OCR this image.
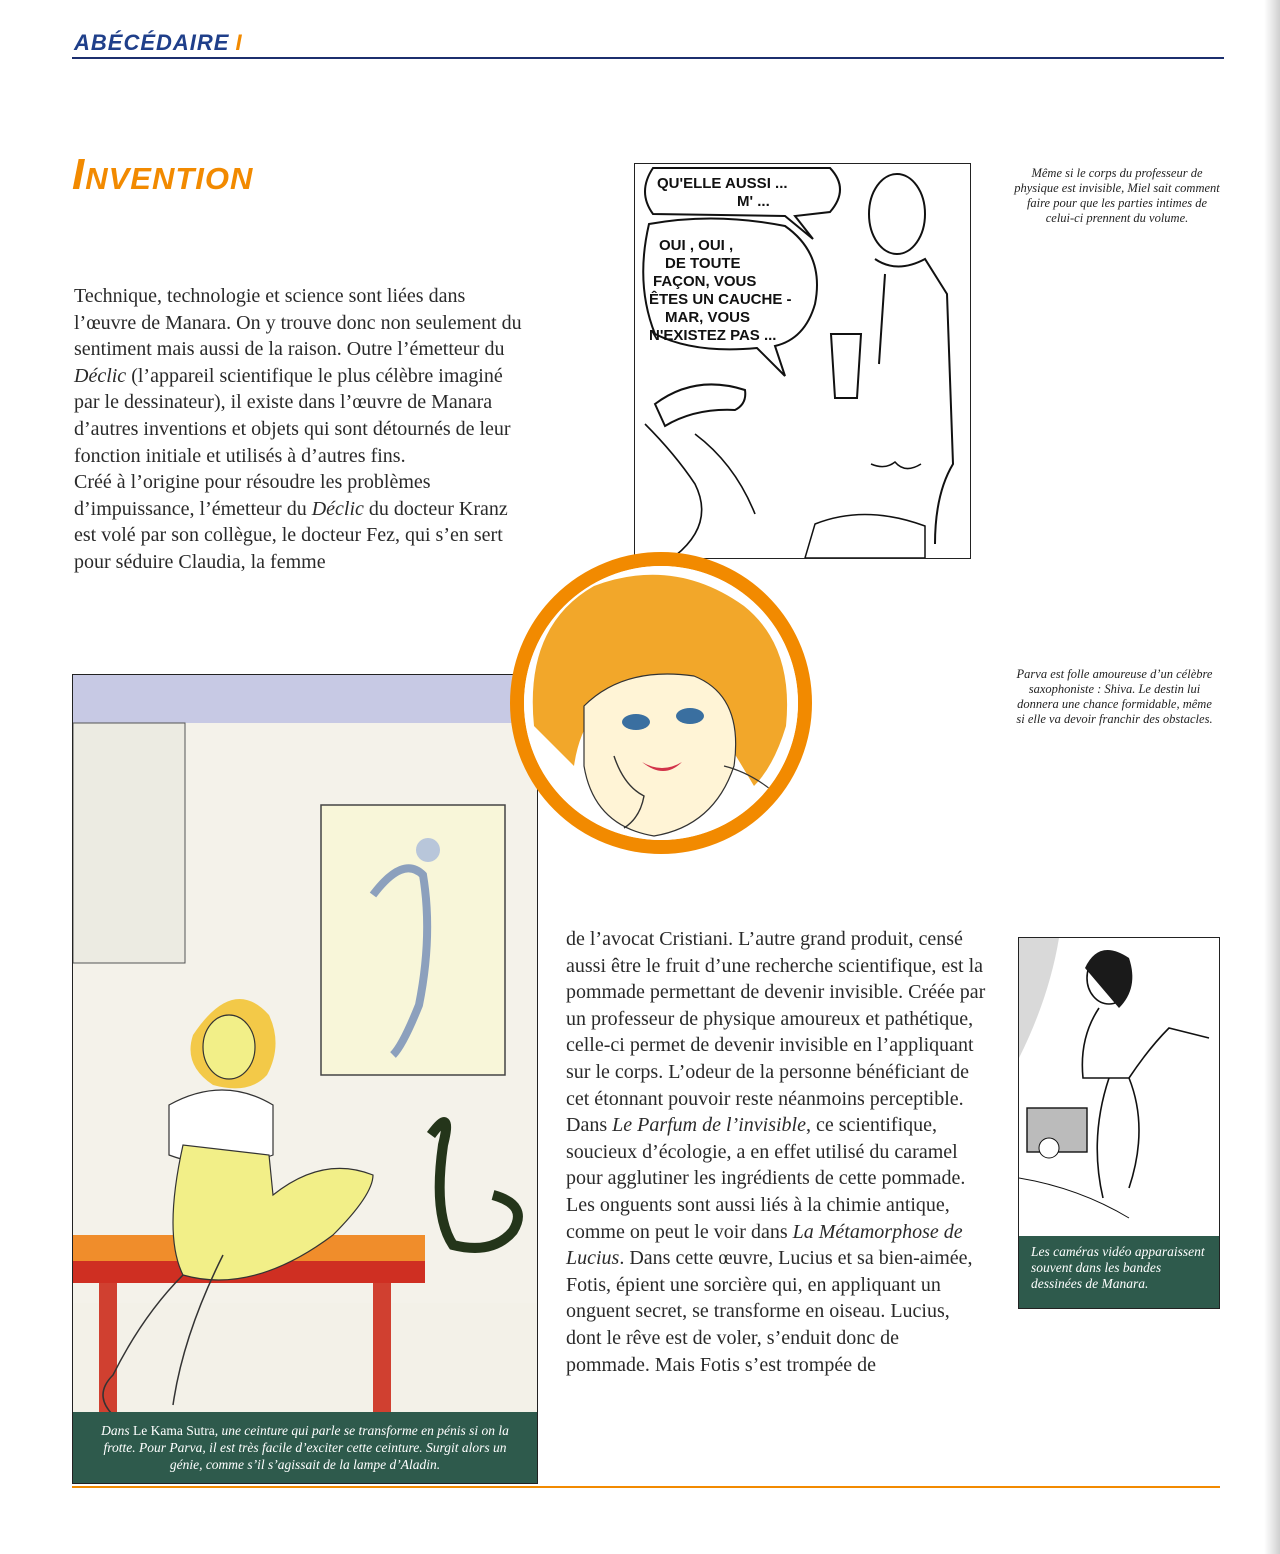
ABÉCÉDAIRE I
Invention

Technique, technologie et science sont liées dans l’œuvre de Manara. On y trouve donc non seulement du sentiment mais aussi de la raison. Outre l’émetteur du Déclic (l’appareil scientifique le plus célèbre imaginé par le dessinateur), il existe dans l’œuvre de Manara d’autres inventions et objets qui sont détournés de leur fonction initiale et utilisés à d’autres fins.

Créé à l’origine pour résoudre les problèmes d’impuissance, l’émetteur du Déclic du docteur Kranz est volé par son collègue, le docteur Fez, qui s’en sert pour séduire Claudia, la femme

QU'ELLE AUSSI ...
M' ...
OUI , OUI ,
DE TOUTE
FAÇON, VOUS
ÊTES UN CAUCHE -
MAR, VOUS
N'EXISTEZ PAS ...
Même si le corps du professeur de physique est invisible, Miel sait comment faire pour que les parties intimes de celui-ci prennent du volume.
Dans Le Kama Sutra, une ceinture qui parle se transforme en pénis si on la frotte. Pour Parva, il est très facile d’exciter cette ceinture. Surgit alors un génie, comme s’il s’agissait de la lampe d’Aladin.
Parva est folle amoureuse d’un célèbre saxophoniste : Shiva. Le destin lui donnera une chance formidable, même si elle va devoir franchir des obstacles.

de l’avocat Cristiani. L’autre grand produit, censé aussi être le fruit d’une recherche scientifique, est la pommade permettant de devenir invisible. Créée par un professeur de physique amoureux et pathétique, celle-ci permet de devenir invisible en l’appliquant sur le corps. L’odeur de la personne bénéficiant de cet étonnant pouvoir reste néanmoins perceptible. Dans Le Parfum de l’invisible, ce scientifique, soucieux d’écologie, a en effet utilisé du caramel pour agglutiner les ingrédients de cette pommade. Les onguents sont aussi liés à la chimie antique, comme on peut le voir dans La Métamorphose de Lucius. Dans cette œuvre, Lucius et sa bien-aimée, Fotis, épient une sorcière qui, en appliquant un onguent secret, se transforme en oiseau. Lucius, dont le rêve est de voler, s’enduit donc de pommade. Mais Fotis s’est trompée de

Les caméras vidéo apparaissent souvent dans les bandes dessinées de Manara.
